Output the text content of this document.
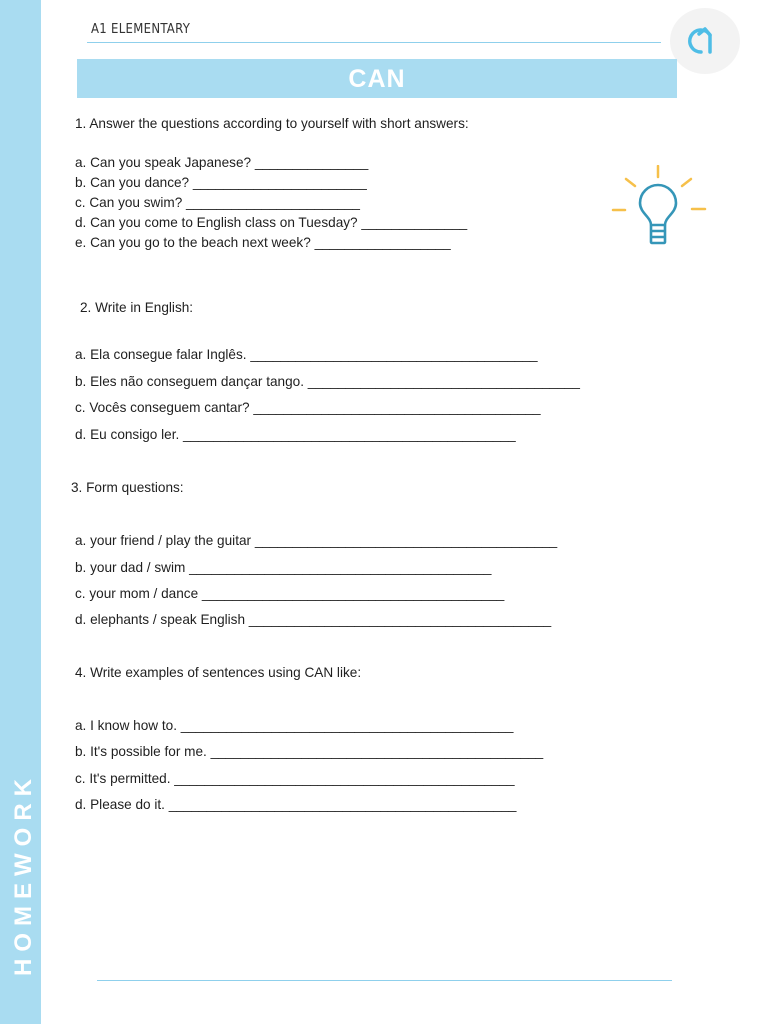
HOMEWORK
A1 ELEMENTARY
CAN

1. Answer the questions according to yourself with short answers:

a. Can you speak Japanese? _______________

b. Can you dance? _______________________

c. Can you swim? _______________________

d. Can you come to English class on Tuesday? ______________

e. Can you go to the beach next week? __________________

2. Write in English:

a. Ela consegue falar Inglês. ______________________________________

b. Eles não conseguem dançar tango. ____________________________________

c. Vocês conseguem cantar? ______________________________________

d. Eu consigo ler. ____________________________________________

3. Form questions:

a. your friend / play the guitar ________________________________________

b. your dad / swim ________________________________________

c. your mom / dance ________________________________________

d. elephants / speak English ________________________________________

4. Write examples of sentences using CAN like:

a. I know how to. ____________________________________________

b. It's possible for me. ____________________________________________

c. It's permitted. _____________________________________________

d. Please do it. ______________________________________________
